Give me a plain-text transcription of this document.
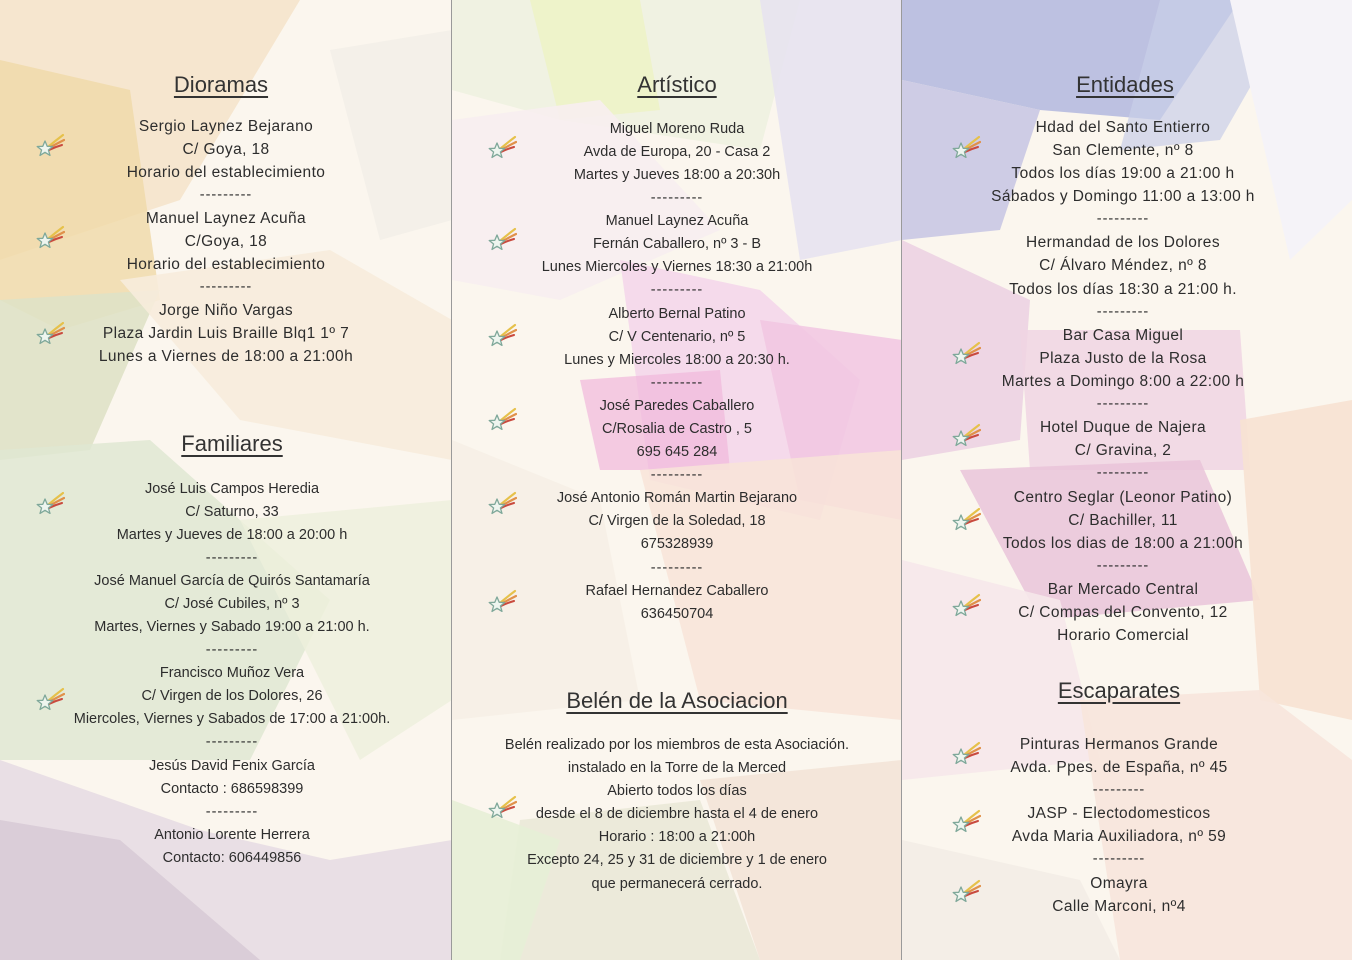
Dioramas
Sergio Laynez Bejarano
C/ Goya, 18
Horario del establecimiento
---------
Manuel Laynez Acuña
C/Goya, 18
Horario del establecimiento
---------
Jorge Niño Vargas
Plaza Jardin Luis Braille Blq1 1º 7
Lunes a Viernes de 18:00 a 21:00h
Familiares
José Luis Campos Heredia
C/ Saturno, 33
Martes y Jueves de 18:00 a 20:00 h
---------
José Manuel García de Quirós Santamaría
C/ José Cubiles, nº 3
Martes, Viernes y Sabado 19:00 a 21:00 h.
---------
Francisco Muñoz Vera
C/ Virgen de los Dolores, 26
Miercoles, Viernes y Sabados de 17:00 a 21:00h.
---------
Jesús David Fenix García
Contacto : 686598399
---------
Antonio Lorente Herrera
Contacto: 606449856
Artístico
Miguel Moreno Ruda
Avda de Europa, 20 - Casa 2
Martes y Jueves 18:00 a 20:30h
---------
Manuel Laynez Acuña
Fernán Caballero, nº 3 - B
Lunes Miercoles y Viernes 18:30 a 21:00h
---------
Alberto Bernal Patino
C/ V Centenario, nº 5
Lunes y Miercoles 18:00 a 20:30 h.
---------
José Paredes Caballero
C/Rosalia de Castro , 5
695 645 284
---------
José Antonio Román Martin Bejarano
C/ Virgen de la Soledad, 18
675328939
---------
Rafael Hernandez Caballero
636450704
Belén de la Asociacion
Belén realizado por los miembros de esta Asociación.
instalado en la Torre de la Merced
Abierto todos los días
desde el 8 de diciembre hasta el 4 de enero
Horario : 18:00 a 21:00h
Excepto 24, 25 y 31 de diciembre y 1 de enero
que permanecerá cerrado.
Entidades
Hdad del Santo Entierro
San Clemente, nº 8
Todos los días 19:00 a 21:00 h
Sábados y Domingo 11:00 a 13:00 h
---------
Hermandad de los Dolores
C/ Álvaro Méndez, nº 8
Todos los días 18:30 a 21:00 h.
---------
Bar Casa Miguel
Plaza Justo de la Rosa
Martes a Domingo 8:00 a 22:00 h
---------
Hotel Duque de Najera
C/ Gravina, 2
---------
Centro Seglar (Leonor Patino)
C/ Bachiller, 11
Todos los dias de 18:00 a 21:00h
---------
Bar Mercado Central
C/ Compas del Convento, 12
Horario Comercial
Escaparates
Pinturas Hermanos Grande
Avda. Ppes. de España, nº 45
---------
JASP - Electodomesticos
Avda Maria Auxiliadora, nº 59
---------
Omayra
Calle Marconi, nº4
